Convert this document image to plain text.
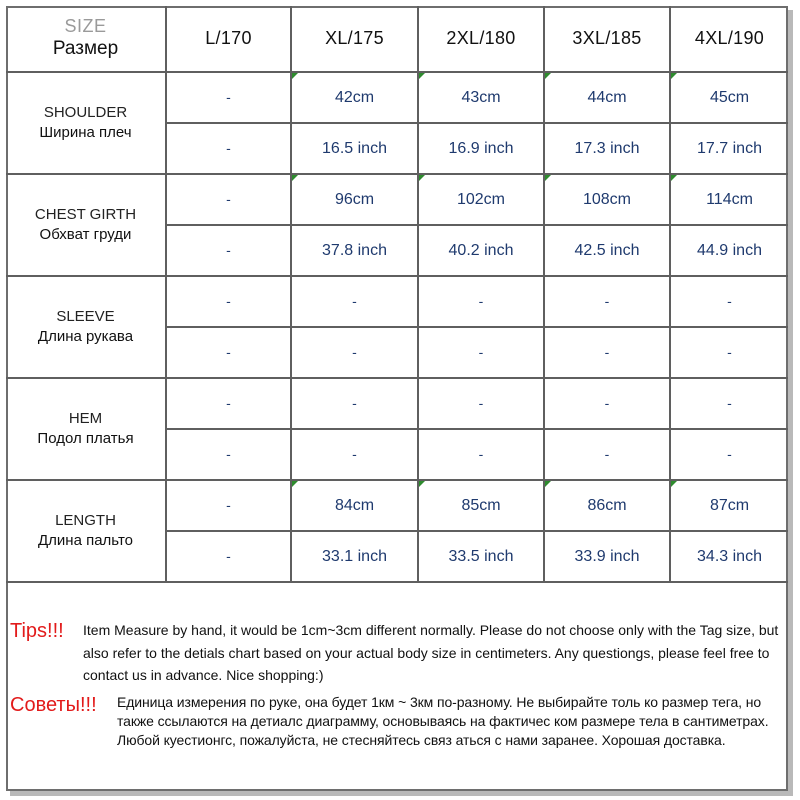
SIZE
Размер	L/170	XL/175	2XL/180	3XL/185	4XL/190

SHOULDER
Ширина плеч	-	42cm	43cm	44cm	45cm
	-	16.5 inch	16.9 inch	17.3 inch	17.7 inch

CHEST GIRTH
Обхват груди	-	96cm	102cm	108cm	114cm
	-	37.8 inch	40.2 inch	42.5 inch	44.9 inch

SLEEVE
Длина рукава	-	-	-	-	-
	-	-	-	-	-

HEM
Подол платья	-	-	-	-	-
	-	-	-	-	-

LENGTH
Длина пальто	-	84cm	85cm	86cm	87cm
	-	33.1 inch	33.5 inch	33.9 inch	34.3 inch
Tips!!! Item Measure by hand, it would be 1cm~3cm different normally. Please do not choose only with the Tag size, but also refer to the detials chart based on your actual body size in centimeters. Any questiongs, please feel free to contact us in advance. Nice shopping:)
Советы!!! Единица измерения по руке, она будет 1км ~ 3км по-разному. Не выбирайте толь ко размер тега, но также ссылаются на детиалс диаграмму, основываясь на фактичес ком размере тела в сантиметрах. Любой куестионгс, пожалуйста, не стесняйтесь связ аться с нами заранее. Хорошая доставка.
